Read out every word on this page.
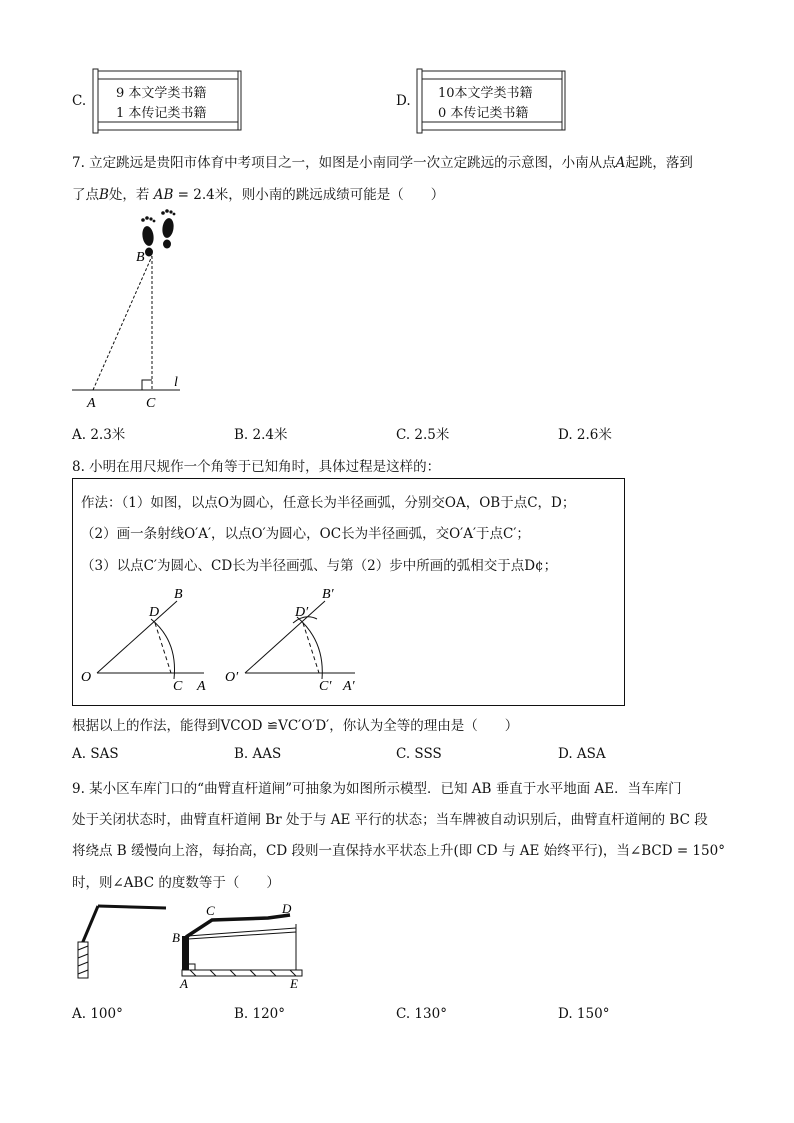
C. 9 本文学类书籍
1 本传记类书籍
D. 10本文学类书籍
0 本传记类书籍
7. 立定跳远是贵阳市体育中考项目之一，如图是小南同学一次立定跳远的示意图，小南从点A起跳，落到
了点B处，若 AB = 2.4米，则小南的跳远成绩可能是（　　）
B
A	C
l
A. 2.3米	B. 2.4米	C. 2.5米	D. 2.6米
8. 小明在用尺规作一个角等于已知角时，具体过程是这样的：
作法：（1）如图，以点O为圆心，任意长为半径画弧，分别交OA，OB于点C，D；
（2）画一条射线O′A′，以点O′为圆心，OC长为半径画弧，交O′A′于点C′；
（3）以点C′为圆心、CD长为半径画弧、与第（2）步中所画的弧相交于点D¢；
B
D
O
C A
B′
D′
O′
C′ A′
根据以上的作法，能得到VCOD ≌VC′O′D′，你认为全等的理由是（　　）
A. SAS	B. AAS	C. SSS	D. ASA
9. 某小区车库门口的“曲臂直杆道闸”可抽象为如图所示模型．已知 AB 垂直于水平地面 AE．当车库门
处于关闭状态时，曲臂直杆道闸 Br 处于与 AE 平行的状态；当车牌被自动识别后，曲臂直杆道闸的 BC 段
将绕点 B 缓慢向上溶，每抬高，CD 段则一直保持水平状态上升(即 CD 与 AE 始终平行)，当∠BCD = 150°
时，则∠ABC 的度数等于（　　）
C	D
B
A	E
A. 100°	B. 120°	C. 130°	D. 150°
